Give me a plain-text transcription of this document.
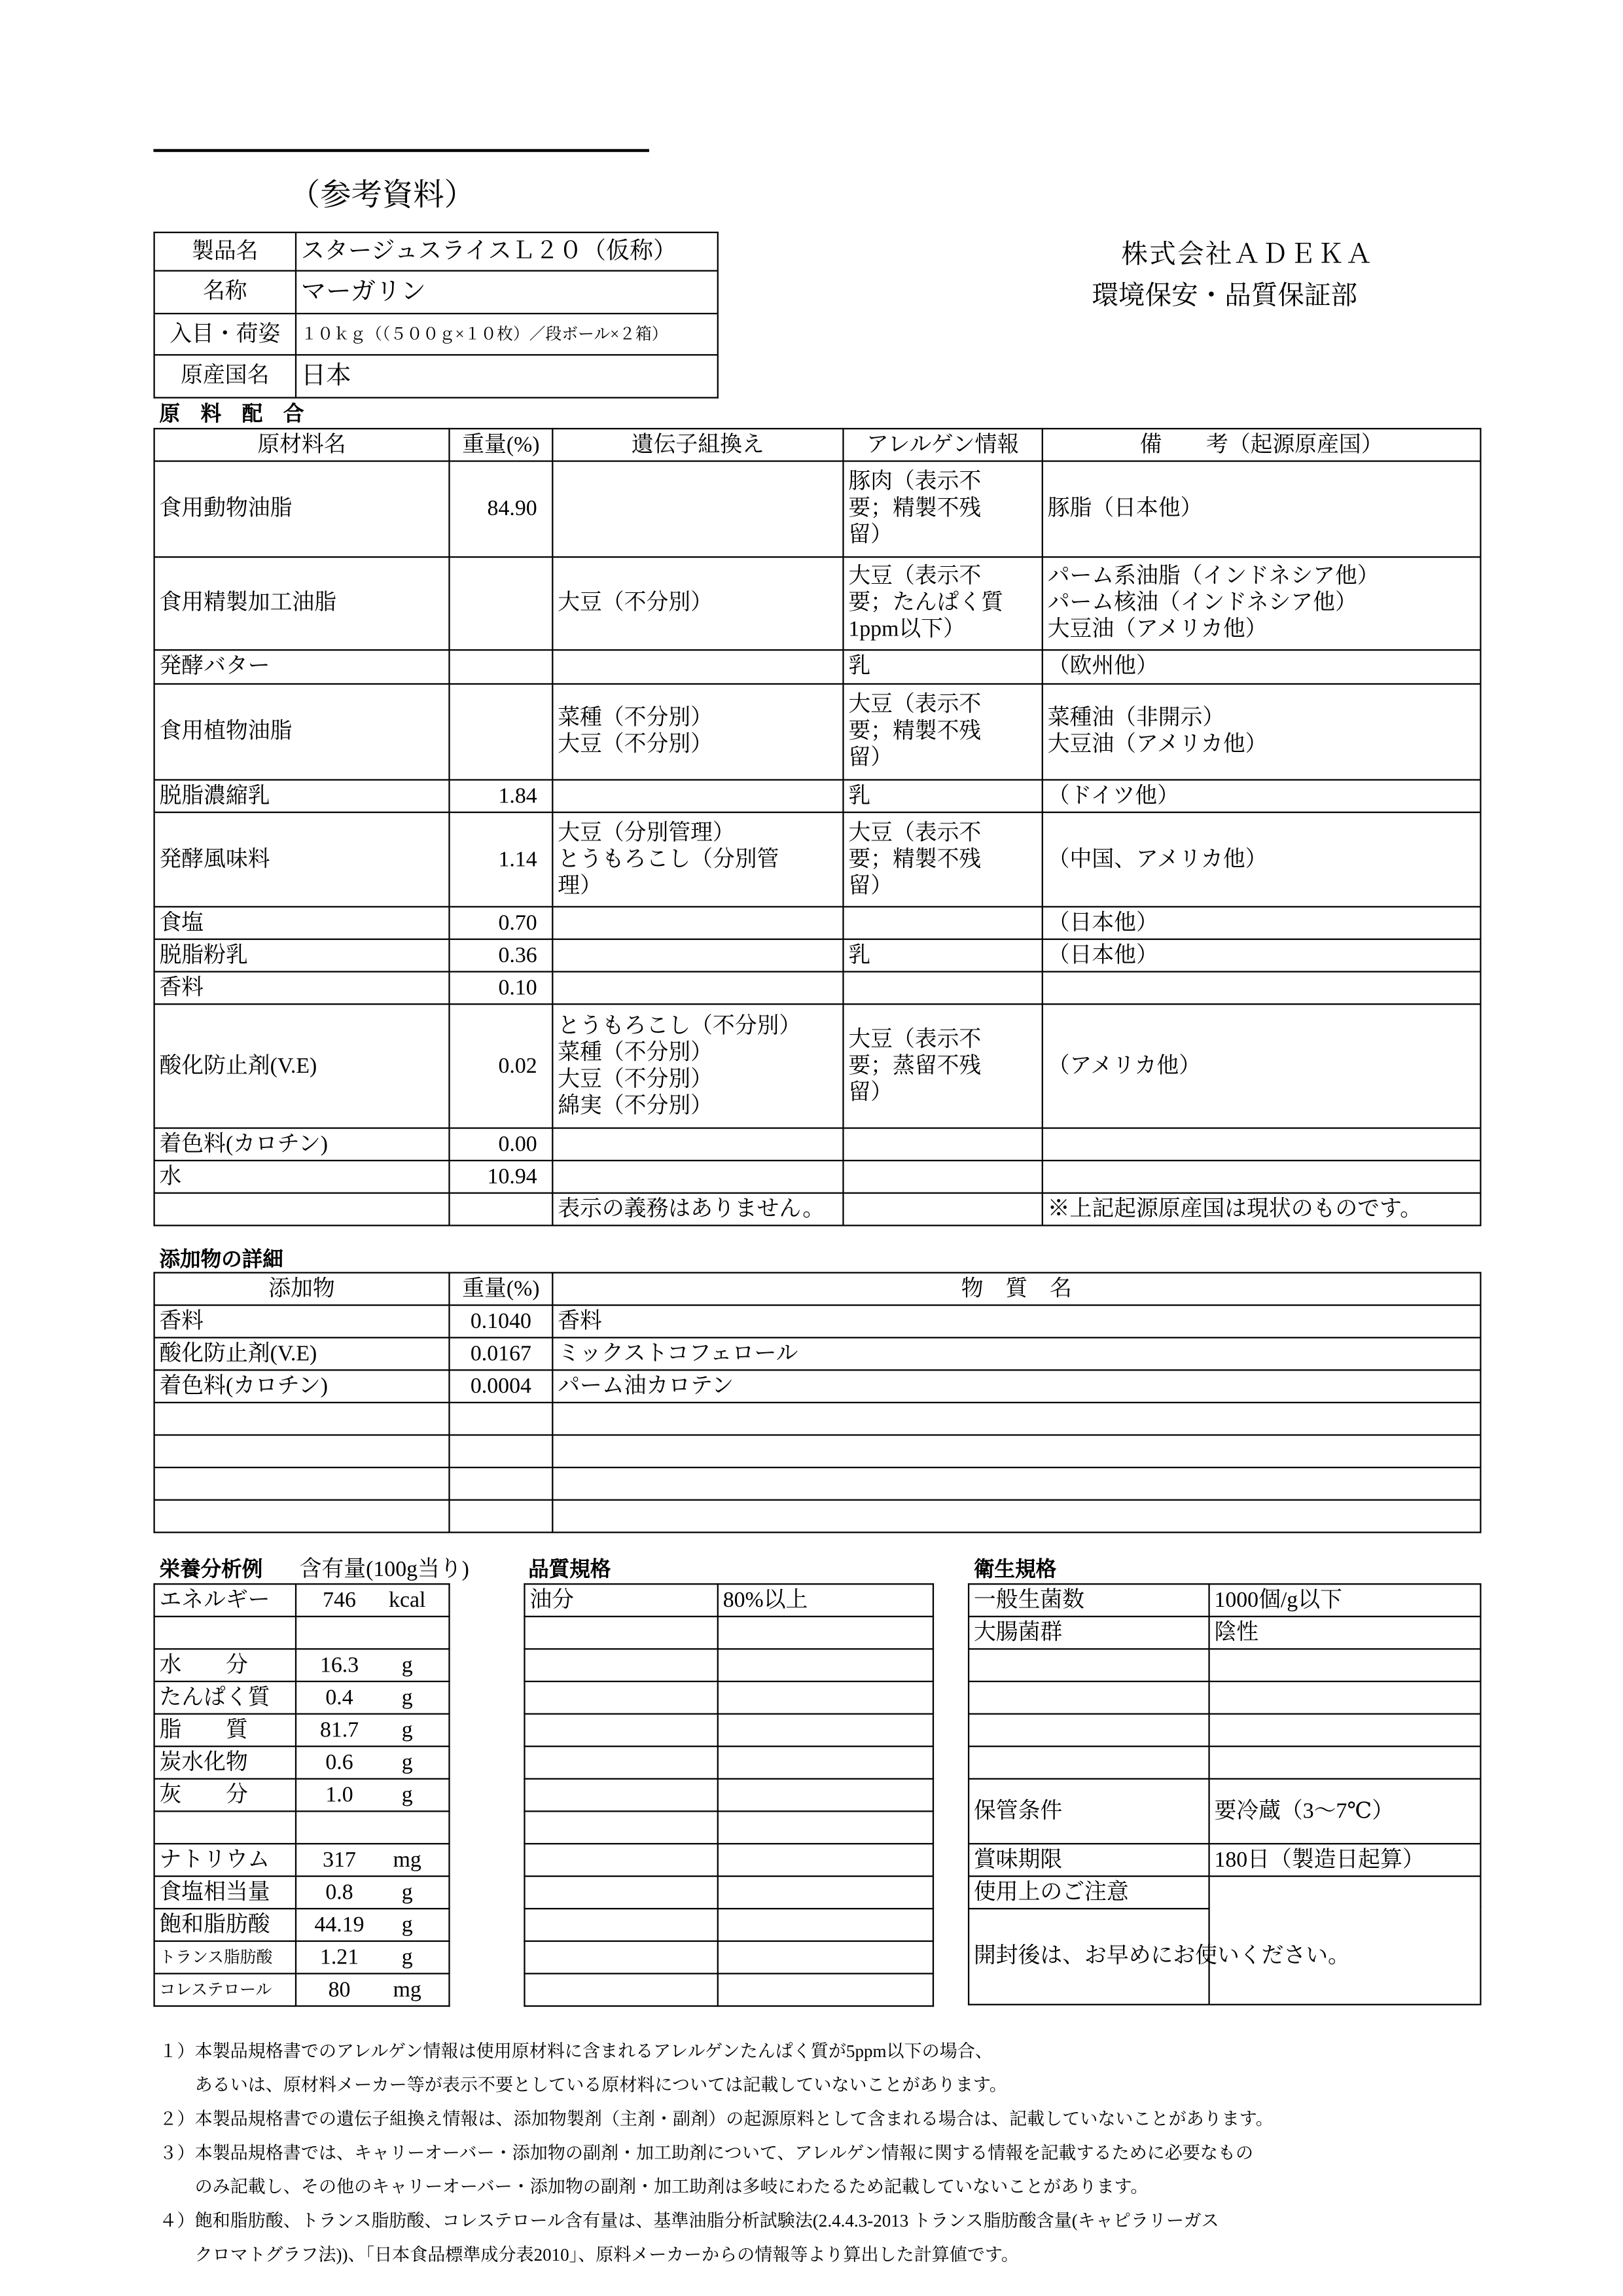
（参考資料）
株式会社ＡＤＥＫＡ
環境保安・品質保証部
製品名	スタージュスライスＬ２０（仮称）
名称	マーガリン
入目・荷姿	１０ｋｇ（（５００ｇ×１０枚）／段ボール×２箱）
原産国名	日本
原　料　配　合
原材料名	重量(%)	遺伝子組換え	アレルゲン情報	備　　考（起源原産国）
食用動物油脂	84.90		豚肉（表示不
要；精製不残
留）	豚脂（日本他）
食用精製加工油脂		大豆（不分別）	大豆（表示不
要；たんぱく質
1ppm以下）	パーム系油脂（インドネシア他）
パーム核油（インドネシア他）
大豆油（アメリカ他）
発酵バター			乳	（欧州他）
食用植物油脂		菜種（不分別）
大豆（不分別）	大豆（表示不
要；精製不残
留）	菜種油（非開示）
大豆油（アメリカ他）
脱脂濃縮乳	1.84		乳	（ドイツ他）
発酵風味料	1.14	大豆（分別管理）
とうもろこし（分別管
理）	大豆（表示不
要；精製不残
留）	（中国、アメリカ他）
食塩	0.70			（日本他）
脱脂粉乳	0.36		乳	（日本他）
香料	0.10			
酸化防止剤(V.E)	0.02	とうもろこし（不分別）
菜種（不分別）
大豆（不分別）
綿実（不分別）	大豆（表示不
要；蒸留不残
留）	（アメリカ他）
着色料(カロチン)	0.00			
水	10.94			
		表示の義務はありません。		※上記起源原産国は現状のものです。
添加物の詳細
添加物	重量(%)	物　質　名
香料	0.1040	香料
酸化防止剤(V.E)	0.0167	ミックストコフェロール
着色料(カロチン)	0.0004	パーム油カロテン

栄養分析例	含有量(100g当り)
エネルギー	746 kcal

水　　分	16.3 g
たんぱく質	0.4 g
脂　　質	81.7 g
炭水化物	0.6 g
灰　　分	1.0 g

ナトリウム	317 mg
食塩相当量	0.8 g
飽和脂肪酸	44.19 g
トランス脂肪酸	1.21 g
コレステロール	80 mg
品質規格
油分	80%以上

衛生規格
一般生菌数	1000個/g以下
大腸菌群	陰性

保管条件	要冷蔵（3～7℃）
賞味期限	180日（製造日起算）
使用上のご注意	
開封後は、お早めにお使いください。	
１）本製品規格書でのアレルゲン情報は使用原材料に含まれるアレルゲンたんぱく質が5ppm以下の場合、
　　あるいは、原材料メーカー等が表示不要としている原材料については記載していないことがあります。
２）本製品規格書での遺伝子組換え情報は、添加物製剤（主剤・副剤）の起源原料として含まれる場合は、記載していないことがあります。
３）本製品規格書では、キャリーオーバー・添加物の副剤・加工助剤について、アレルゲン情報に関する情報を記載するために必要なもの
　　のみ記載し、その他のキャリーオーバー・添加物の副剤・加工助剤は多岐にわたるため記載していないことがあります。
４）飽和脂肪酸、トランス脂肪酸、コレステロール含有量は、基準油脂分析試験法(2.4.4.3-2013 トランス脂肪酸含量(キャピラリーガス
　　クロマトグラフ法))、「日本食品標準成分表2010」、原料メーカーからの情報等より算出した計算値です。
